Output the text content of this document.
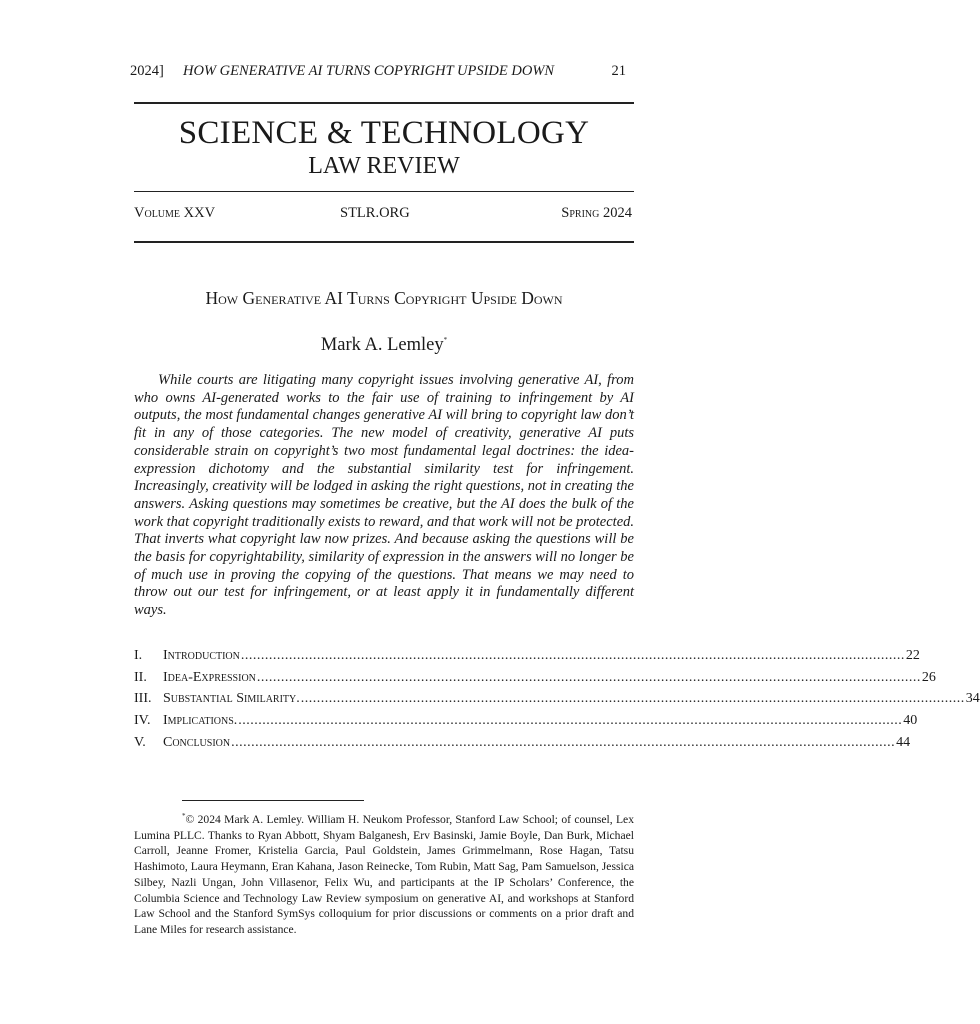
2024] HOW GENERATIVE AI TURNS COPYRIGHT UPSIDE DOWN	21
SCIENCE & TECHNOLOGY
LAW REVIEW
Volume XXV	STLR.ORG	Spring 2024
How Generative AI Turns Copyright Upside Down
Mark A. Lemley*

While courts are litigating many copyright issues involving generative AI, from who owns AI-generated works to the fair use of training to infringement by AI outputs, the most fundamental changes generative AI will bring to copyright law don’t fit in any of those categories. The new model of creativity, generative AI puts considerable strain on copyright’s two most fundamental legal doctrines: the idea-expression dichotomy and the substantial similarity test for infringement. Increasingly, creativity will be lodged in asking the right questions, not in creating the answers. Asking questions may sometimes be creative, but the AI does the bulk of the work that copyright traditionally exists to reward, and that work will not be protected. That inverts what copyright law now prizes. And because asking the questions will be the basis for copyrightability, similarity of expression in the answers will no longer be of much use in proving the copying of the questions. That means we may need to throw out our test for infringement, or at least apply it in fundamentally different ways.

I.	Introduction ...................................................................................................................................................................... 22
II.	Idea-Expression ...................................................................................................................................................................... 26
III. Substantial Similarity. ...................................................................................................................................................................... 34
IV. Implications. ...................................................................................................................................................................... 40
V.	Conclusion ...................................................................................................................................................................... 44

*© 2024 Mark A. Lemley. William H. Neukom Professor, Stanford Law School; of counsel, Lex Lumina PLLC. Thanks to Ryan Abbott, Shyam Balganesh, Erv Basinski, Jamie Boyle, Dan Burk, Michael Carroll, Jeanne Fromer, Kristelia Garcia, Paul Goldstein, James Grimmelmann, Rose Hagan, Tatsu Hashimoto, Laura Heymann, Eran Kahana, Jason Reinecke, Tom Rubin, Matt Sag, Pam Samuelson, Jessica Silbey, Nazli Ungan, John Villasenor, Felix Wu, and participants at the IP Scholars’ Conference, the Columbia Science and Technology Law Review symposium on generative AI, and workshops at Stanford Law School and the Stanford SymSys colloquium for prior discussions or comments on a prior draft and Lane Miles for research assistance.
